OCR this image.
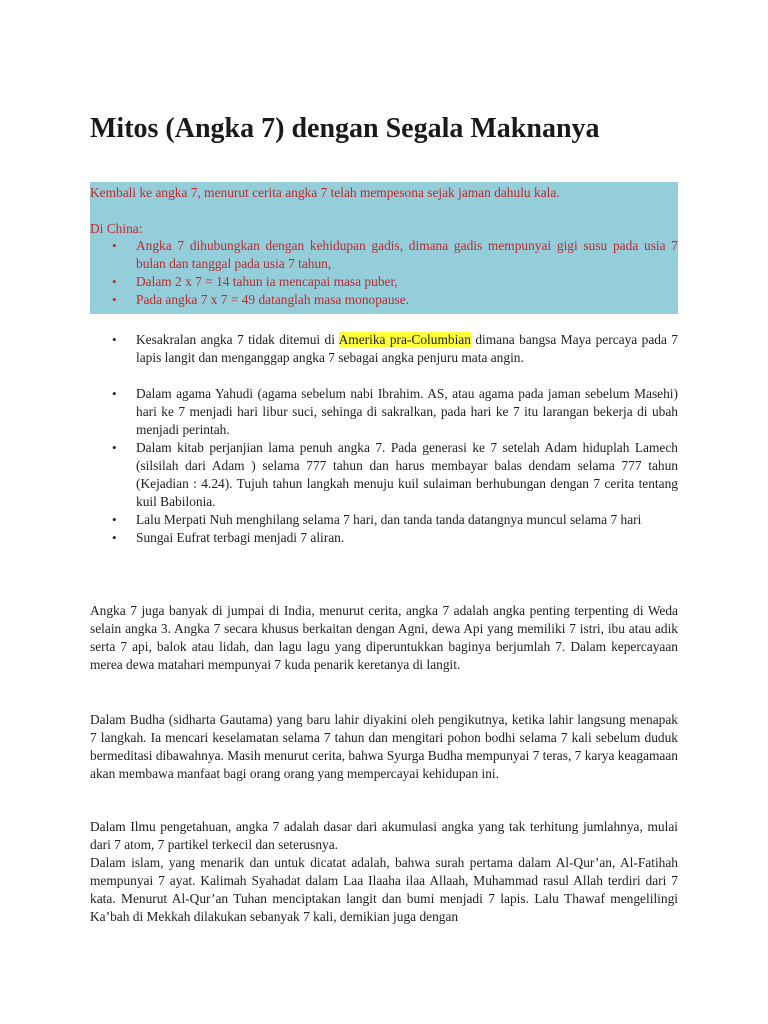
Mitos (Angka 7) dengan Segala Maknanya

Kembali ke angka 7, menurut cerita angka 7 telah mempesona sejak jaman dahulu kala.

Di China:

• Angka 7 dihubungkan dengan kehidupan gadis, dimana gadis mempunyai gigi susu pada usia 7 bulan dan tanggal pada usia 7 tahun,
• Dalam 2 x 7 = 14 tahun ia mencapai masa puber,
• Pada angka 7 x 7 = 49 datanglah masa monopause.
• Kesakralan angka 7 tidak ditemui di Amerika pra-Columbian dimana bangsa Maya percaya pada 7 lapis langit dan menganggap angka 7 sebagai angka penjuru mata angin.
• Dalam agama Yahudi (agama sebelum nabi Ibrahim. AS, atau agama pada jaman sebelum Masehi) hari ke 7 menjadi hari libur suci, sehinga di sakralkan, pada hari ke 7 itu larangan bekerja di ubah menjadi perintah.
• Dalam kitab perjanjian lama penuh angka 7. Pada generasi ke 7 setelah Adam hiduplah Lamech (silsilah dari Adam ) selama 777 tahun dan harus membayar balas dendam selama 777 tahun (Kejadian : 4.24). Tujuh tahun langkah menuju kuil sulaiman berhubungan dengan 7 cerita tentang kuil Babilonia.
• Lalu Merpati Nuh menghilang selama 7 hari, dan tanda tanda datangnya muncul selama 7 hari
• Sungai Eufrat terbagi menjadi 7 aliran.

Angka 7 juga banyak di jumpai di India, menurut cerita, angka 7 adalah angka penting terpenting di Weda selain angka 3. Angka 7 secara khusus berkaitan dengan Agni, dewa Api yang memiliki 7 istri, ibu atau adik serta 7 api, balok atau lidah, dan lagu lagu yang diperuntukkan baginya berjumlah 7. Dalam kepercayaan merea dewa matahari mempunyai 7 kuda penarik keretanya di langit.

Dalam Budha (sidharta Gautama) yang baru lahir diyakini oleh pengikutnya, ketika lahir langsung menapak 7 langkah. Ia mencari keselamatan selama 7 tahun dan mengitari pohon bodhi selama 7 kali sebelum duduk bermeditasi dibawahnya. Masih menurut cerita, bahwa Syurga Budha mempunyai 7 teras, 7 karya keagamaan akan membawa manfaat bagi orang orang yang mempercayai kehidupan ini.

Dalam Ilmu pengetahuan, angka 7 adalah dasar dari akumulasi angka yang tak terhitung jumlahnya, mulai dari 7 atom, 7 partikel terkecil dan seterusnya.

Dalam islam, yang menarik dan untuk dicatat adalah, bahwa surah pertama dalam Al-Qur’an, Al-Fatihah mempunyai 7 ayat. Kalimah Syahadat dalam Laa Ilaaha ilaa Allaah, Muhammad rasul Allah terdiri dari 7 kata. Menurut Al-Qur’an Tuhan menciptakan langit dan bumi menjadi 7 lapis. Lalu Thawaf mengelilingi Ka’bah di Mekkah dilakukan sebanyak 7 kali, demikian juga dengan
